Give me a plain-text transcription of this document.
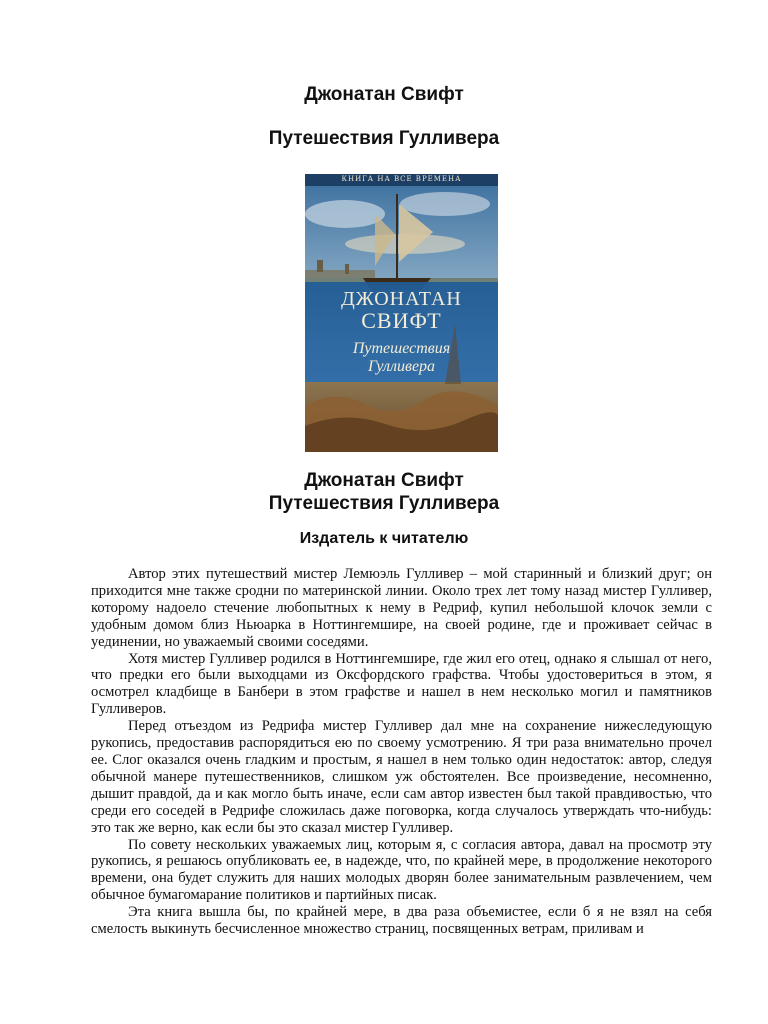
Джонатан Свифт
Путешествия Гулливера
КНИГА НА ВСЕ ВРЕМЕНА
ДЖОНАТАН
СВИФТ
Путешествия
Гулливера
Джонатан Свифт
Путешествия Гулливера
Издатель к читателю

Автор этих путешествий мистер Лемюэль Гулливер – мой старинный и близкий друг; он приходится мне также сродни по материнской линии. Около трех лет тому назад мистер Гулливер, которому надоело стечение любопытных к нему в Редриф, купил небольшой клочок земли с удобным домом близ Ньюарка в Ноттингемшире, на своей родине, где и проживает сейчас в уединении, но уважаемый своими соседями.

Хотя мистер Гулливер родился в Ноттингемшире, где жил его отец, однако я слышал от него, что предки его были выходцами из Оксфордского графства. Чтобы удостовериться в этом, я осмотрел кладбище в Банбери в этом графстве и нашел в нем несколько могил и памятников Гулливеров.

Перед отъездом из Редрифа мистер Гулливер дал мне на сохранение нижеследующую рукопись, предоставив распорядиться ею по своему усмотрению. Я три раза внимательно прочел ее. Слог оказался очень гладким и простым, я нашел в нем только один недостаток: автор, следуя обычной манере путешественников, слишком уж обстоятелен. Все произведение, несомненно, дышит правдой, да и как могло быть иначе, если сам автор известен был такой правдивостью, что среди его соседей в Редрифе сложилась даже поговорка, когда случалось утверждать что-нибудь: это так же верно, как если бы это сказал мистер Гулливер.

По совету нескольких уважаемых лиц, которым я, с согласия автора, давал на просмотр эту рукопись, я решаюсь опубликовать ее, в надежде, что, по крайней мере, в продолжение некоторого времени, она будет служить для наших молодых дворян более занимательным развлечением, чем обычное бумагомарание политиков и партийных писак.

Эта книга вышла бы, по крайней мере, в два раза объемистее, если б я не взял на себя смелость выкинуть бесчисленное множество страниц, посвященных ветрам, приливам и
